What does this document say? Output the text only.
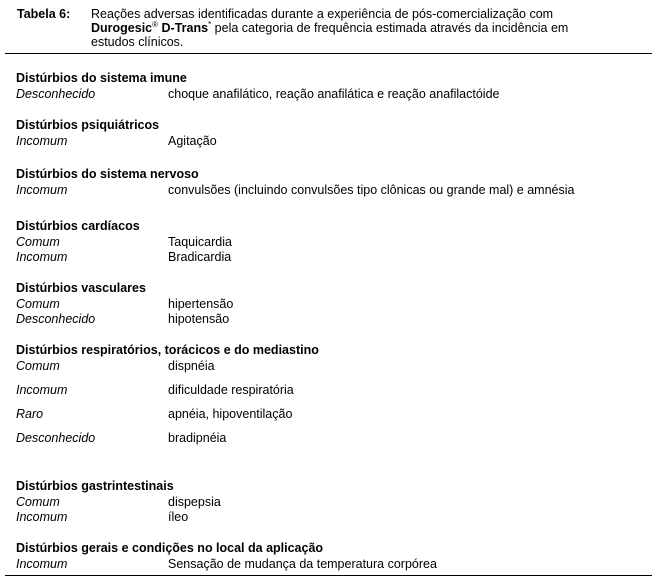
Tabela 6: Reações adversas identificadas durante a experiência de pós-comercialização com
Durogesic® D-Trans* pela categoria de frequência estimada através da incidência em
estudos clínicos.
Distúrbios do sistema imune
Desconhecido	choque anafilático, reação anafilática e reação anafilactóide
Distúrbios psiquiátricos
Incomum	Agitação
Distúrbios do sistema nervoso
Incomum	convulsões (incluindo convulsões tipo clônicas ou grande mal) e amnésia
Distúrbios cardíacos
Comum	Taquicardia
Incomum	Bradicardia
Distúrbios vasculares
Comum	hipertensão
Desconhecido	hipotensão
Distúrbios respiratórios, torácicos e do mediastino
Comum	dispnéia
Incomum	dificuldade respiratória
Raro	apnéia, hipoventilação
Desconhecido	bradipnéia
Distúrbios gastrintestinais
Comum	dispepsia
Incomum	íleo
Distúrbios gerais e condições no local da aplicação
Incomum	Sensação de mudança da temperatura corpórea
